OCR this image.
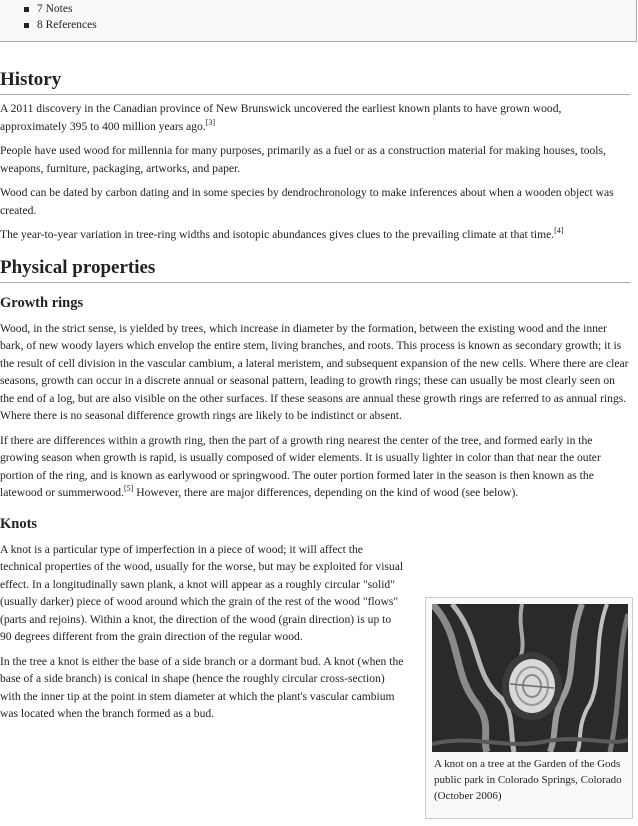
7 Notes
8 References
History

A 2011 discovery in the Canadian province of New Brunswick uncovered the earliest known plants to have grown wood, approximately 395 to 400 million years ago.[3]

People have used wood for millennia for many purposes, primarily as a fuel or as a construction material for making houses, tools, weapons, furniture, packaging, artworks, and paper.

Wood can be dated by carbon dating and in some species by dendrochronology to make inferences about when a wooden object was created.

The year-to-year variation in tree-ring widths and isotopic abundances gives clues to the prevailing climate at that time.[4]

Physical properties
Growth rings

Wood, in the strict sense, is yielded by trees, which increase in diameter by the formation, between the existing wood and the inner bark, of new woody layers which envelop the entire stem, living branches, and roots. This process is known as secondary growth; it is the result of cell division in the vascular cambium, a lateral meristem, and subsequent expansion of the new cells. Where there are clear seasons, growth can occur in a discrete annual or seasonal pattern, leading to growth rings; these can usually be most clearly seen on the end of a log, but are also visible on the other surfaces. If these seasons are annual these growth rings are referred to as annual rings. Where there is no seasonal difference growth rings are likely to be indistinct or absent.

If there are differences within a growth ring, then the part of a growth ring nearest the center of the tree, and formed early in the growing season when growth is rapid, is usually composed of wider elements. It is usually lighter in color than that near the outer portion of the ring, and is known as earlywood or springwood. The outer portion formed later in the season is then known as the latewood or summerwood.[5] However, there are major differences, depending on the kind of wood (see below).

Knots

A knot is a particular type of imperfection in a piece of wood; it will affect the technical properties of the wood, usually for the worse, but may be exploited for visual effect. In a longitudinally sawn plank, a knot will appear as a roughly circular "solid" (usually darker) piece of wood around which the grain of the rest of the wood "flows" (parts and rejoins). Within a knot, the direction of the wood (grain direction) is up to 90 degrees different from the grain direction of the regular wood.

In the tree a knot is either the base of a side branch or a dormant bud. A knot (when the base of a side branch) is conical in shape (hence the roughly circular cross-section) with the inner tip at the point in stem diameter at which the plant's vascular cambium was located when the branch formed as a bud.

A knot on a tree at the Garden of the Gods public park in Colorado Springs, Colorado (October 2006)
